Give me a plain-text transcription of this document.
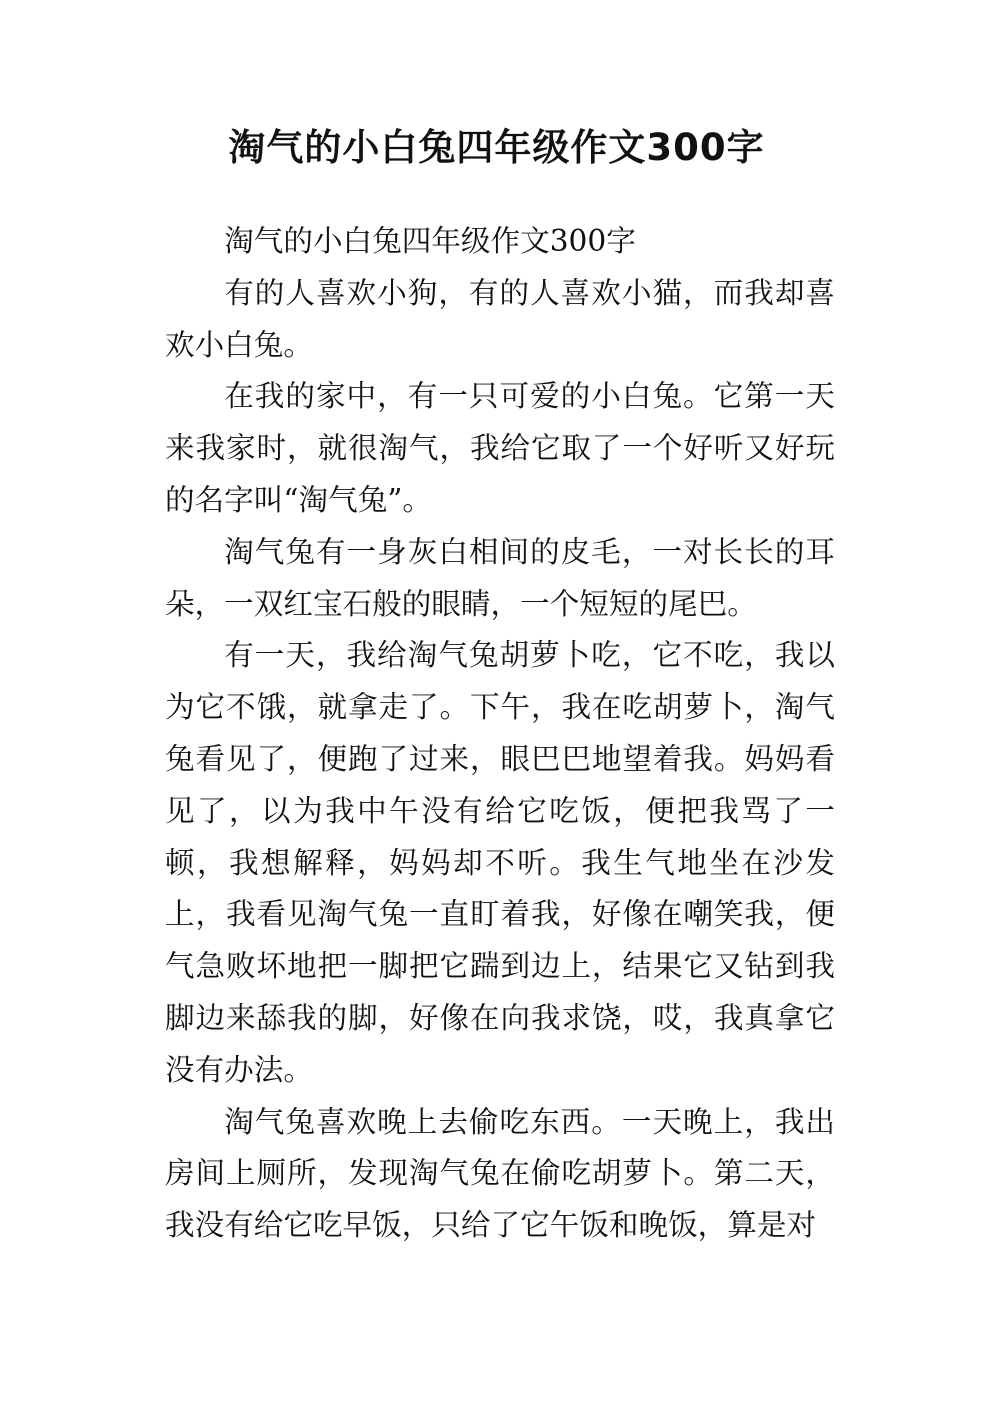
淘气的小白兔四年级作文300字

淘气的小白兔四年级作文300字

有的人喜欢小狗，有的人喜欢小猫，而我却喜欢小白兔。

在我的家中，有一只可爱的小白兔。它第一天来我家时，就很淘气，我给它取了一个好听又好玩的名字叫“淘气兔”。

淘气兔有一身灰白相间的皮毛，一对长长的耳朵，一双红宝石般的眼睛，一个短短的尾巴。

有一天，我给淘气兔胡萝卜吃，它不吃，我以为它不饿，就拿走了。下午，我在吃胡萝卜，淘气兔看见了，便跑了过来，眼巴巴地望着我。妈妈看见了，以为我中午没有给它吃饭，便把我骂了一顿，我想解释，妈妈却不听。我生气地坐在沙发上，我看见淘气兔一直盯着我，好像在嘲笑我，便气急败坏地把一脚把它踹到边上，结果它又钻到我脚边来舔我的脚，好像在向我求饶，哎，我真拿它没有办法。

淘气兔喜欢晚上去偷吃东西。一天晚上，我出房间上厕所，发现淘气兔在偷吃胡萝卜。第二天，我没有给它吃早饭，只给了它午饭和晚饭，算是对
